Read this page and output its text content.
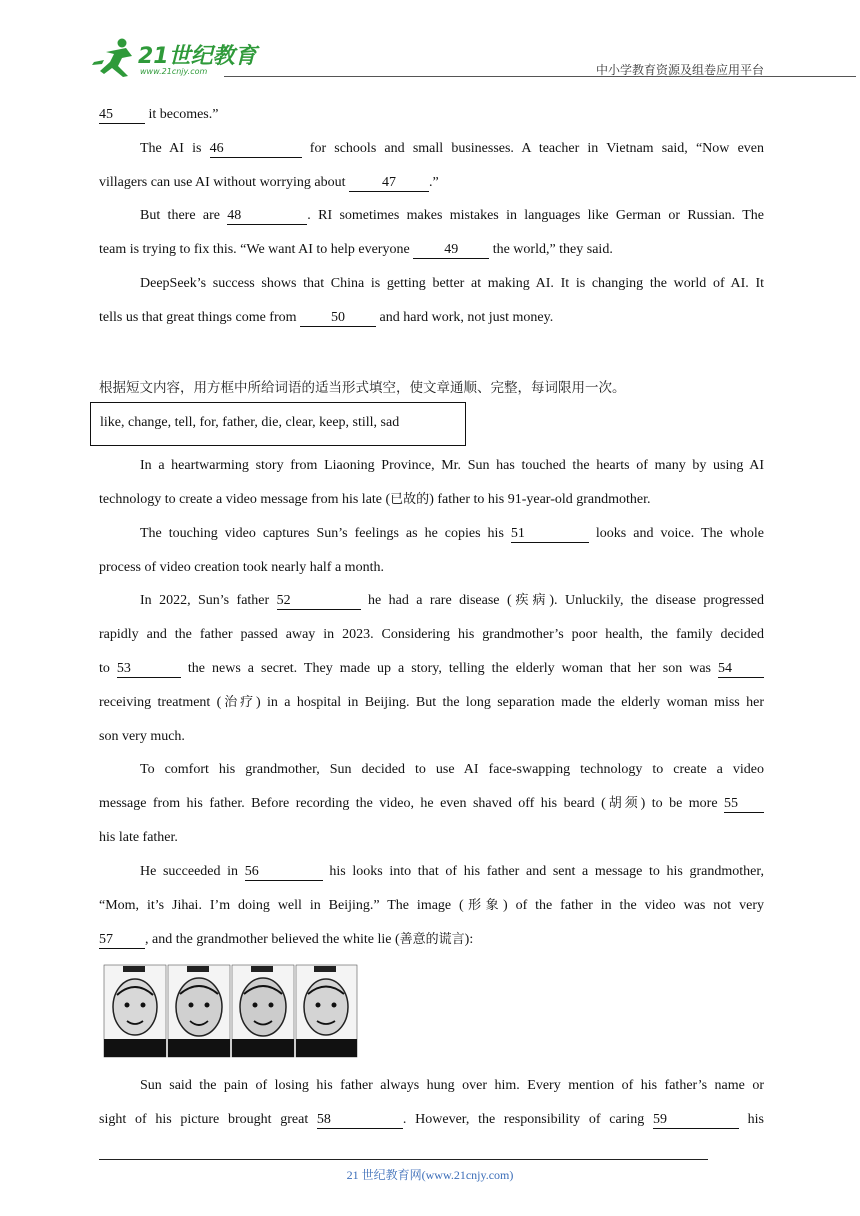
21世纪教育
www.21cnjy.com	中小学教育资源及组卷应用平台
45 it becomes.”
The AI is 46	for schools and small businesses. A teacher in Vietnam said, “Now even
villagers can use AI without worrying about 47 .”
But there are 48	. RI sometimes makes mistakes in languages like German or Russian. The
team is trying to fix this. “We want AI to help everyone 49 the world,” they said.
DeepSeek’s success shows that China is getting better at making AI. It is changing the world of AI. It
tells us that great things come from 50 and hard work, not just money.
根据短文内容，用方框中所给词语的适当形式填空，使文章通顺、完整，每词限用一次。
like, change, tell, for, father, die, clear, keep, still, sad
In a heartwarming story from Liaoning Province, Mr. Sun has touched the hearts of many by using AI
technology to create a video message from his late (已故的) father to his 91-year-old grandmother.
The touching video captures Sun’s feelings as he copies his 51	looks and voice. The whole
process of video creation took nearly half a month.
In 2022, Sun’s father 52	he had a rare disease (疾病). Unluckily, the disease progressed
rapidly and the father passed away in 2023. Considering his grandmother’s poor health, the family decided
to 53	the news a secret. They made up a story, telling the elderly woman that her son was 54
receiving treatment (治疗) in a hospital in Beijing. But the long separation made the elderly woman miss her
son very much.
To comfort his grandmother, Sun decided to use AI face-swapping technology to create a video
message from his father. Before recording the video, he even shaved off his beard (胡须) to be more 55
his late father.
He succeeded in 56	his looks into that of his father and sent a message to his grandmother,
“Mom, it’s Jihai. I’m doing well in Beijing.” The image (形象) of the father in the video was not very
57 , and the grandmother believed the white lie (善意的谎言):
Sun said the pain of losing his father always hung over him. Every mention of his father’s name or
sight of his picture brought great 58	. However, the responsibility of caring 59	his
21 世纪教育网(www.21cnjy.com)
